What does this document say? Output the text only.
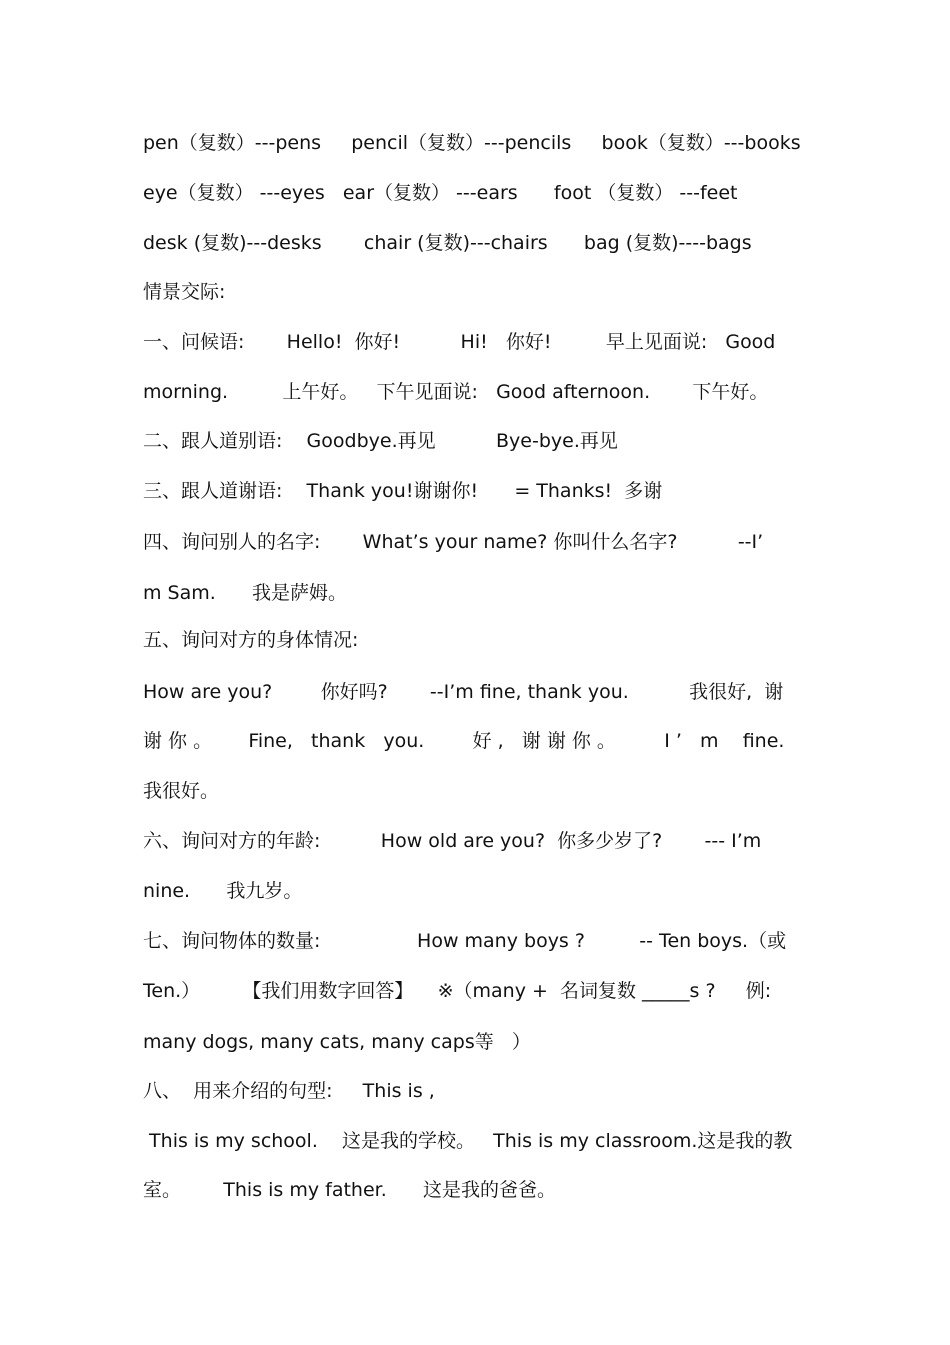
pen（复数）---pens     pencil（复数）---pencils     book（复数）---books
eye（复数） ---eyes   ear（复数） ---ears      foot （复数） ---feet
desk (复数)---desks       chair (复数)---chairs      bag (复数)----bags
情景交际:
一、问候语:       Hello!  你好!          Hi!   你好!         早上见面说:   Good
morning.         上午好。   下午见面说:   Good afternoon.       下午好。
二、跟人道别语:    Goodbye.再见          Bye-bye.再见
三、跟人道谢语:    Thank you!谢谢你!      = Thanks!  多谢
四、询问别人的名字:       What’s your name? 你叫什么名字?          --I’
m Sam.      我是萨姆。
五、询问对方的身体情况:
How are you?        你好吗?       --I’m fine, thank you.          我很好,  谢
谢 你 。      Fine,   thank   you.        好 ,   谢 谢 你 。        I ’   m    fine.
我很好。
六、询问对方的年龄:          How old are you?  你多少岁了?       --- I’m
nine.      我九岁。
七、询问物体的数量:                How many boys ?         -- Ten boys.（或
Ten.）       【我们用数字回答】    ※（many +  名词复数 _____s ?     例:
many dogs, many cats, many caps等   ）
八、  用来介绍的句型:     This is ,
This is my school.    这是我的学校。   This is my classroom.这是我的教
室。       This is my father.      这是我的爸爸。
